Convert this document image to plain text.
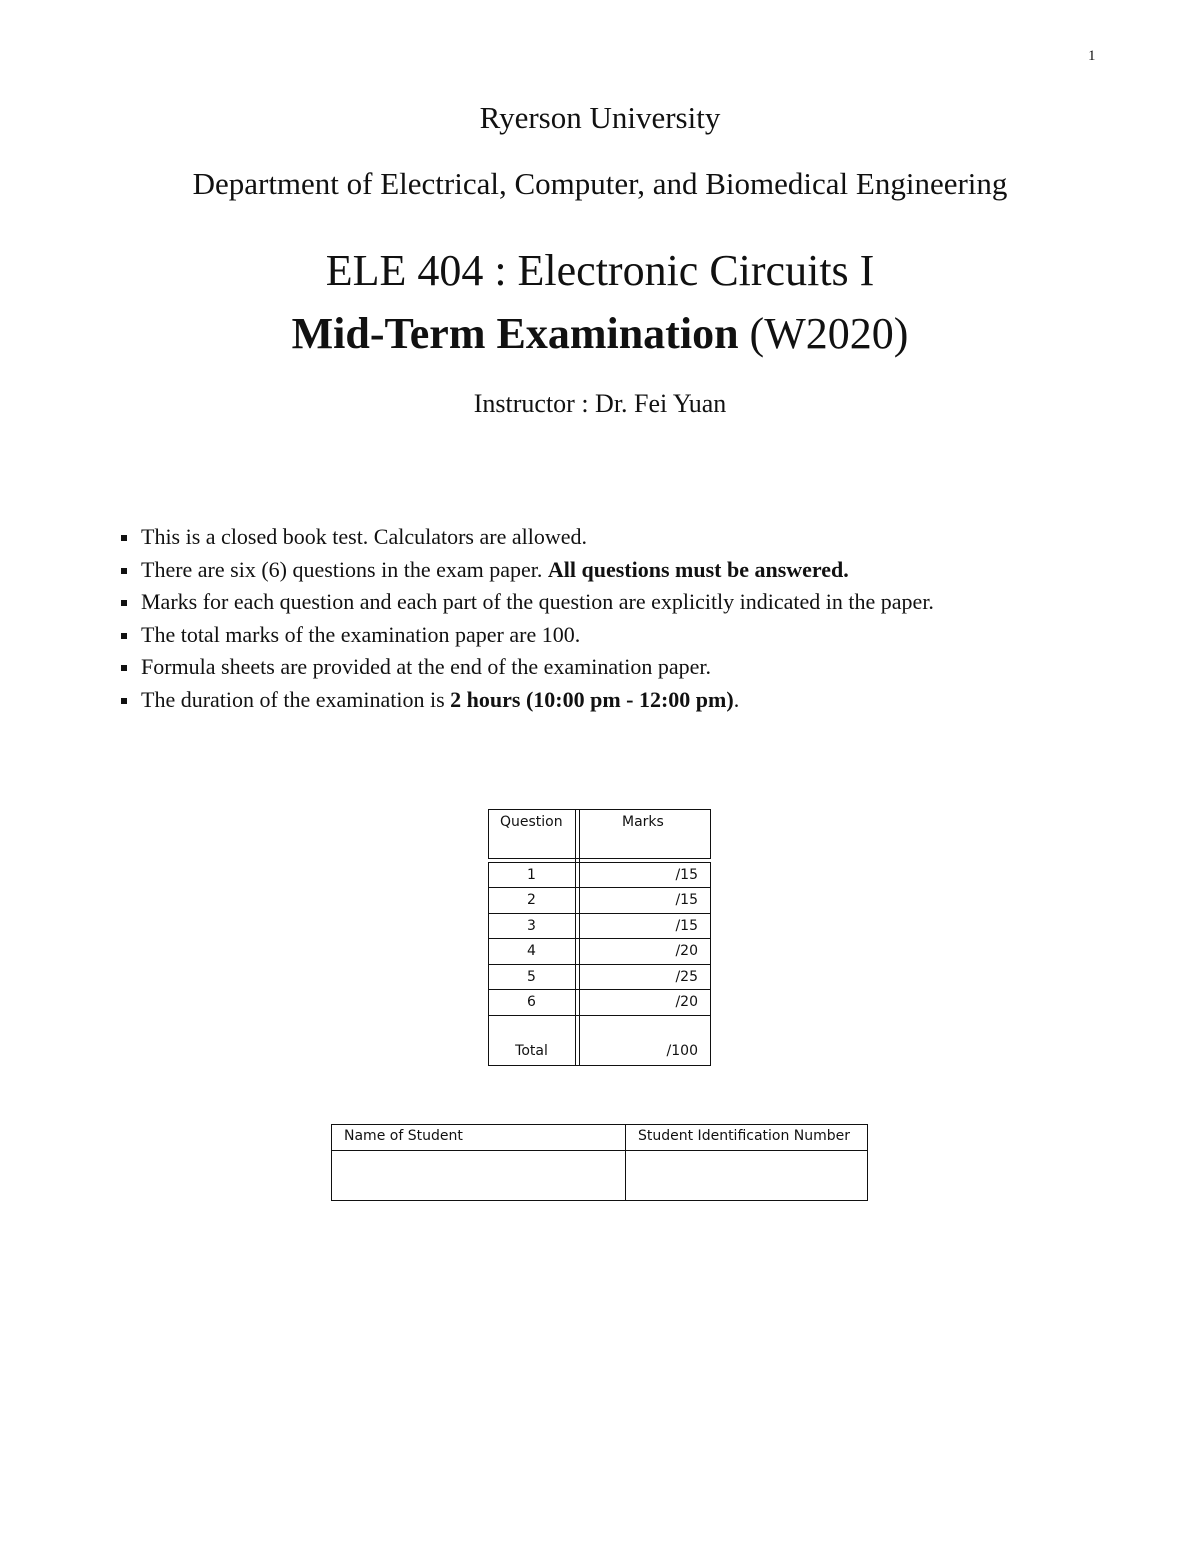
1
Ryerson University
Department of Electrical, Computer, and Biomedical Engineering
ELE 404 : Electronic Circuits I
Mid-Term Examination (W2020)
Instructor : Dr. Fei Yuan
This is a closed book test. Calculators are allowed.
There are six (6) questions in the exam paper. All questions must be answered.
Marks for each question and each part of the question are explicitly indicated in the paper.
The total marks of the examination paper are 100.
Formula sheets are provided at the end of the examination paper.
The duration of the examination is 2 hours (10:00 pm - 12:00 pm).
Question	Marks
1	/15
2	/15
3	/15
4	/20
5	/25
6	/20
Total	/100
Name of Student	Student Identification Number
